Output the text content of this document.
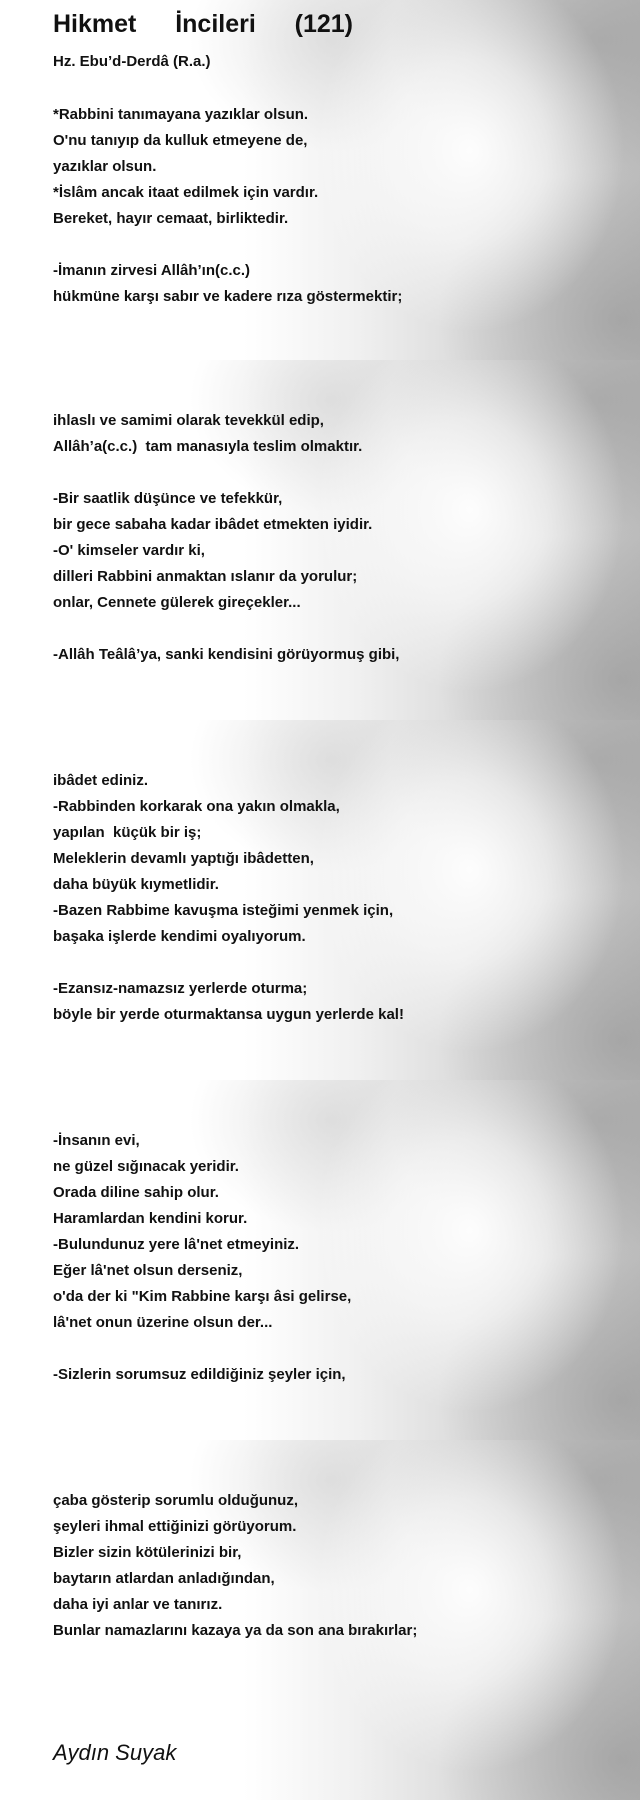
Hikmet   İncileri   (121)
Hz. Ebu’d-Derdâ (R.a.)
*Rabbini tanımayana yazıklar olsun.
O'nu tanıyıp da kulluk etmeyene de,
yazıklar olsun.
*İslâm ancak itaat edilmek için vardır.
Bereket, hayır cemaat, birliktedir.

-İmanın zirvesi Allâh’ın(c.c.)
hükmüne karşı sabır ve kadere rıza göstermektir;
ihlaslı ve samimi olarak tevekkül edip,
Allâh’a(c.c.)  tam manasıyla teslim olmaktır.

-Bir saatlik düşünce ve tefekkür,
bir gece sabaha kadar ibâdet etmekten iyidir.
-O' kimseler vardır ki,
dilleri Rabbini anmaktan ıslanır da yorulur;
onlar, Cennete gülerek gireçekler...

-Allâh Teâlâ’ya, sanki kendisini görüyormuş gibi,
ibâdet ediniz.
-Rabbinden korkarak ona yakın olmakla,
yapılan  küçük bir iş;
Meleklerin devamlı yaptığı ibâdetten,
daha büyük kıymetlidir.
-Bazen Rabbime kavuşma isteğimi yenmek için,
başaka işlerde kendimi oyalıyorum.

-Ezansız-namazsız yerlerde oturma;
böyle bir yerde oturmaktansa uygun yerlerde kal!
-İnsanın evi,
ne güzel sığınacak yeridir.
Orada diline sahip olur.
Haramlardan kendini korur.
-Bulundunuz yere lâ'net etmeyiniz.
Eğer lâ'net olsun derseniz,
o'da der ki "Kim Rabbine karşı âsi gelirse,
lâ'net onun üzerine olsun der...

-Sizlerin sorumsuz edildiğiniz şeyler için,
çaba gösterip sorumlu olduğunuz,
şeyleri ihmal ettiğinizi görüyorum.
Bizler sizin kötülerinizi bir,
baytarın atlardan anladığından,
daha iyi anlar ve tanırız.
Bunlar namazlarını kazaya ya da son ana bırakırlar;
Aydın Suyak
